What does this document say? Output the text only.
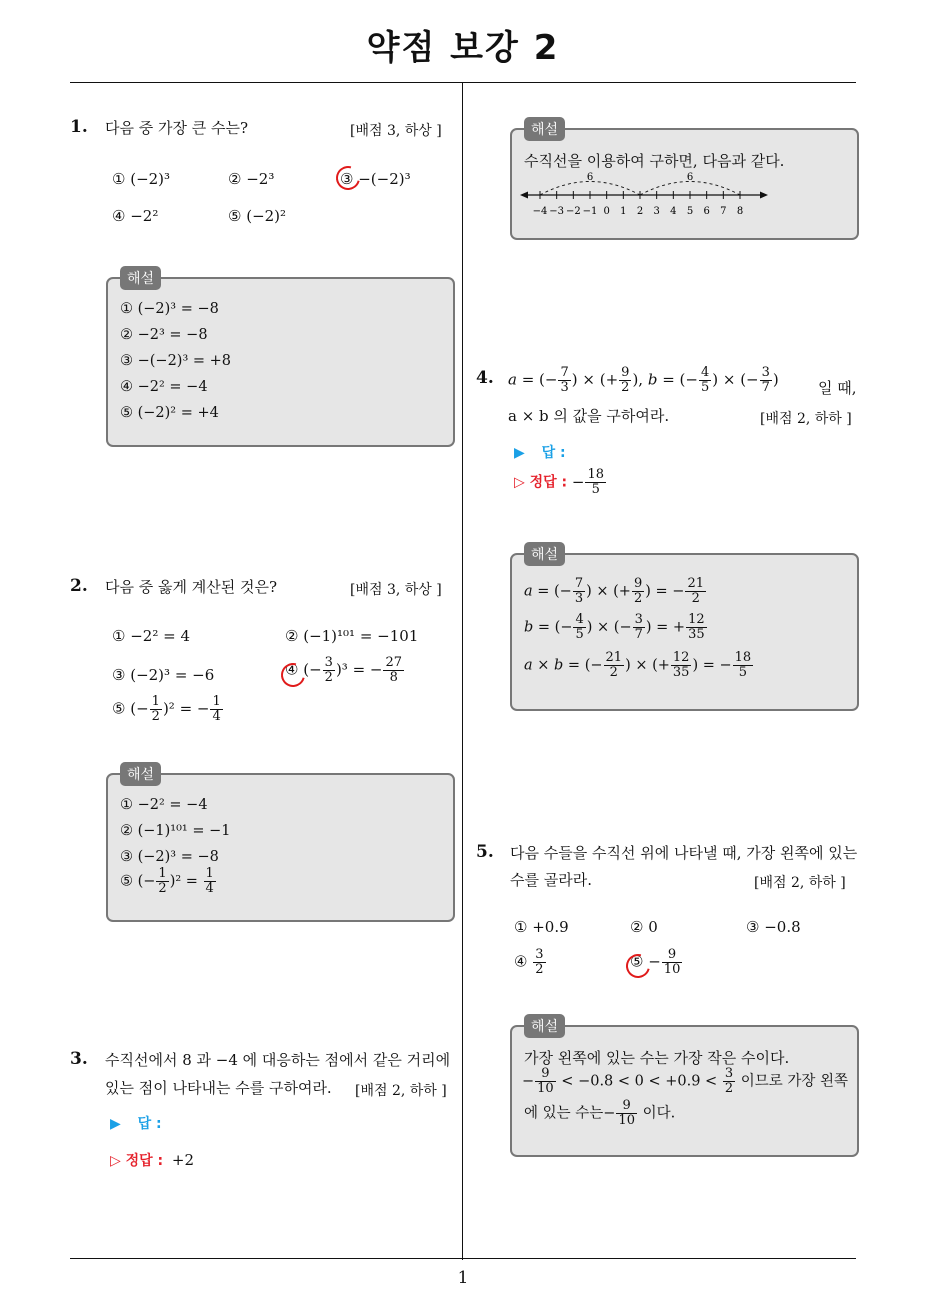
약점 보강 2
1
1. 다음 중 가장 큰 수는?	[배점 3, 하상 ]
① (−2)³	② −2³	③ −(−2)³
④ −2²	⑤ (−2)²
① (−2)³ = −8
② −2³ = −8
③ −(−2)³ = +8
④ −2² = −4
⑤ (−2)² = +4
해설
2. 다음 중 옳게 계산된 것은?	[배점 3, 하상 ]
① −2² = 4	② (−1)¹⁰¹ = −101
③ (−2)³ = −6	④ (− $\frac{3}{2} )^3$ = − $\frac{27}{8}$
⑤ (− $\frac{1}{2} )^2$ = − $\frac{1}{4}$
① −2² = −4
② (−1)¹⁰¹ = −1
③ (−2)³ = −8
⑤ (− $\frac{1}{2} )^2 = \frac{1}{4}$
해설
3. 수직선에서 8 과 −4 에 대응하는 점에서 같은 거리에
있는 점이 나타내는 수를 구하여라. [배점 2, 하하 ]
▶ 답 :
▷ 정답 : +2
수직선을 이용하여 구하면, 다음과 같다.
−4 −3 −2 −1 0 1 2 3 4 5 6 7 8
6	6
해설
4. a = (− $\frac{7}{3}$ ) × (+ $\frac{9}{2}$ ), b = (− $\frac{4}{5}$ ) × (− $\frac{3}{7}$ )	일 때,
a × b 의 값을 구하여라.	[배점 2, 하하 ]
▶ 답 :
▷ 정답 : − $\frac{18}{5}$
a = (− $\frac{7}{3}$ ) × (+ $\frac{9}{2}$ ) = − $\frac{21}{2}$
b = (− $\frac{4}{5}$ ) × (− $\frac{3}{7}$ ) = + $\frac{12}{35}$
a × b = (− $\frac{21}{2}$ ) × (+ $\frac{12}{35}$ ) = − $\frac{18}{5}$
해설
5. 다음 수들을 수직선 위에 나타낼 때, 가장 왼쪽에 있는
수를 골라라.	[배점 2, 하하 ]
① +0.9	② 0	③ −0.8
④ $\frac{3}{2}$	⑤ − $\frac{9}{10}$
가장 왼쪽에 있는 수는 가장 작은 수이다.
− $\frac{9}{10} < -0.8 < 0 < +0.9 < \frac{3}{2}$ 이므로 가장 왼쪽
에 있는 수는− $\frac{9}{10}$ 이다.
해설
